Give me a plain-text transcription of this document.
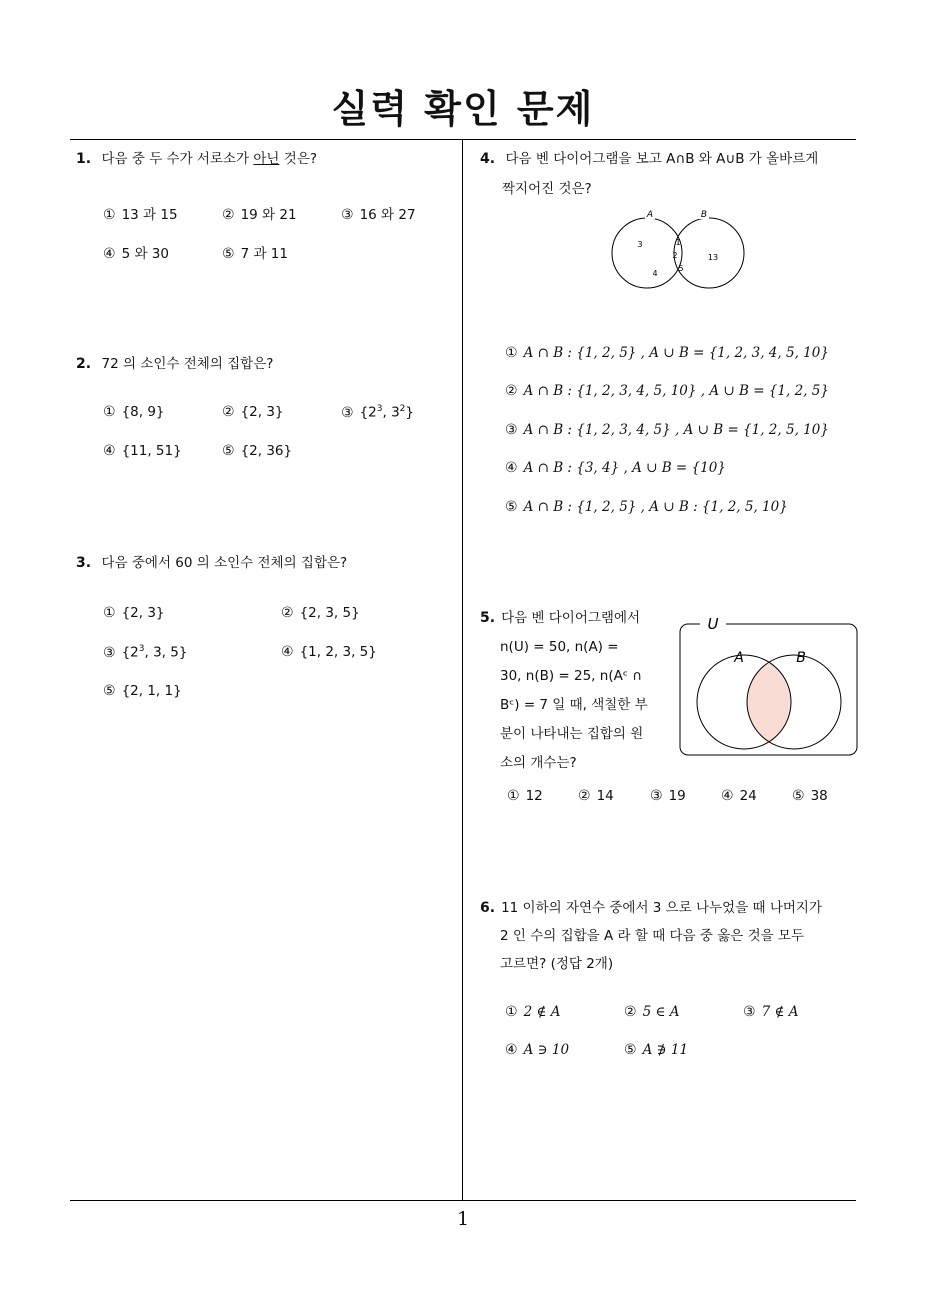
실력 확인 문제
1
1. 다음 중 두 수가 서로소가 아닌 것은?
① 13 과 15	② 19 와 21	③ 16 와 27
④ 5 와 30	⑤ 7 과 11
2. 72 의 소인수 전체의 집합은?
① {8, 9}	② {2, 3}	③ {$2^3$, $3^2$}
④ {11, 51}	⑤ {2, 36}
3. 다음 중에서 60 의 소인수 전체의 집합은?
① {2, 3}	② {2, 3, 5}
③ {$2^3$, 3, 5}	④ {1, 2, 3, 5}
⑤ {2, 1, 1}
4. 다음 벤 다이어그램을 보고 A∩B 와 A∪B 가 올바르게
짝지어진 것은?
A	B
3
4
1
2
5
13
① A ∩ B : {1, 2, 5} , A ∪ B = {1, 2, 3, 4, 5, 10}
② A ∩ B : {1, 2, 3, 4, 5, 10} , A ∪ B = {1, 2, 5}
③ A ∩ B : {1, 2, 3, 4, 5} , A ∪ B = {1, 2, 5, 10}
④ A ∩ B : {3, 4} , A ∪ B = {10}
⑤ A ∩ B : {1, 2, 5} , A ∪ B : {1, 2, 5, 10}
5. 다음 벤 다이어그램에서
n(U) = 50, n(A) =
30, n(B) = 25, n(Aᶜ ∩
Bᶜ) = 7 일 때, 색칠한 부
분이 나타내는 집합의 원
소의 개수는?
U
A	B
① 12	② 14	③ 19	④ 24	⑤ 38
6. 11 이하의 자연수 중에서 3 으로 나누었을 때 나머지가
2 인 수의 집합을 A 라 할 때 다음 중 옳은 것을 모두
고르면? (정답 2개)
① 2 ∉ A	② 5 ∈ A	③ 7 ∉ A
④ A ∋ 10	⑤ A ∌ 11
